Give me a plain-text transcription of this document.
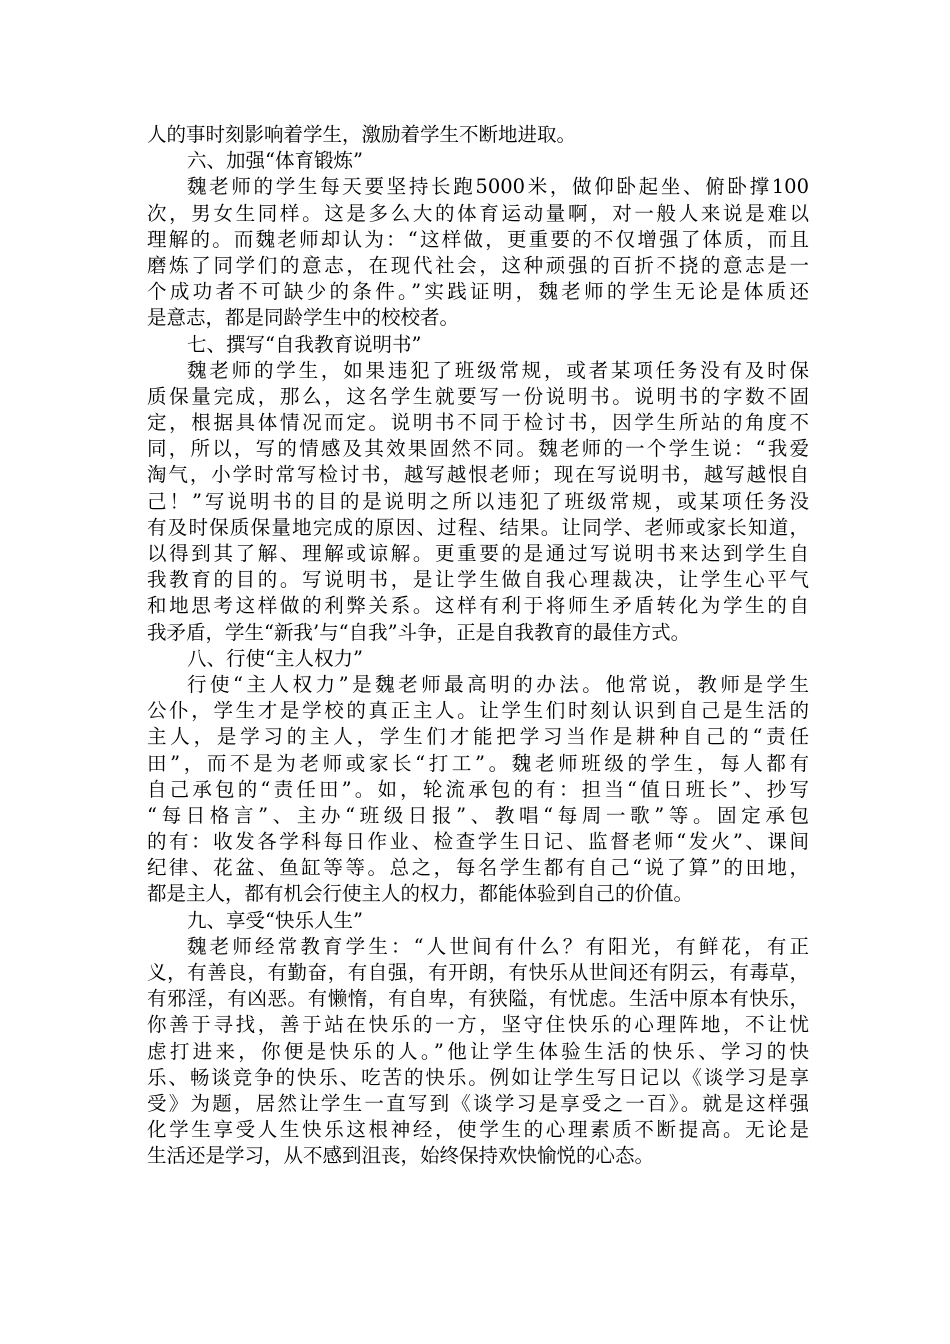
人的事时刻影响着学生，激励着学生不断地进取。
六、加强“体育锻炼”
魏老师的学生每天要坚持长跑5000米，做仰卧起坐、俯卧撑100
次，男女生同样。这是多么大的体育运动量啊，对一般人来说是难以
理解的。而魏老师却认为：“这样做，更重要的不仅增强了体质，而且
磨炼了同学们的意志，在现代社会，这种顽强的百折不挠的意志是一
个成功者不可缺少的条件。”实践证明，魏老师的学生无论是体质还
是意志，都是同龄学生中的校校者。
七、撰写“自我教育说明书”
魏老师的学生，如果违犯了班级常规，或者某项任务没有及时保
质保量完成，那么，这名学生就要写一份说明书。说明书的字数不固
定，根据具体情况而定。说明书不同于检讨书，因学生所站的角度不
同，所以，写的情感及其效果固然不同。魏老师的一个学生说：“我爱
淘气，小学时常写检讨书，越写越恨老师；现在写说明书，越写越恨自
己！”写说明书的目的是说明之所以违犯了班级常规，或某项任务没
有及时保质保量地完成的原因、过程、结果。让同学、老师或家长知道，
以得到其了解、理解或谅解。更重要的是通过写说明书来达到学生自
我教育的目的。写说明书，是让学生做自我心理裁决，让学生心平气
和地思考这样做的利弊关系。这样有利于将师生矛盾转化为学生的自
我矛盾，学生“新我’与“自我”斗争，正是自我教育的最佳方式。
八、行使“主人权力”
行使“主人权力”是魏老师最高明的办法。他常说，教师是学生
公仆，学生才是学校的真正主人。让学生们时刻认识到自己是生活的
主人，是学习的主人，学生们才能把学习当作是耕种自己的“责任
田”，而不是为老师或家长“打工”。魏老师班级的学生，每人都有
自己承包的“责任田”。如，轮流承包的有：担当“值日班长”、抄写
“每日格言”、主办“班级日报”、教唱“每周一歌”等。固定承包
的有：收发各学科每日作业、检查学生日记、监督老师“发火”、课间
纪律、花盆、鱼缸等等。总之，每名学生都有自己“说了算”的田地，
都是主人，都有机会行使主人的权力，都能体验到自己的价值。
九、享受“快乐人生”
魏老师经常教育学生：“人世间有什么？有阳光，有鲜花，有正
义，有善良，有勤奋，有自强，有开朗，有快乐从世间还有阴云，有毒草，
有邪淫，有凶恶。有懒惰，有自卑，有狭隘，有忧虑。生活中原本有快乐，
你善于寻找，善于站在快乐的一方，坚守住快乐的心理阵地，不让忧
虑打进来，你便是快乐的人。”他让学生体验生活的快乐、学习的快
乐、畅谈竞争的快乐、吃苦的快乐。例如让学生写日记以《谈学习是享
受》为题，居然让学生一直写到《谈学习是享受之一百》。就是这样强
化学生享受人生快乐这根神经，使学生的心理素质不断提高。无论是
生活还是学习，从不感到沮丧，始终保持欢快愉悦的心态。
